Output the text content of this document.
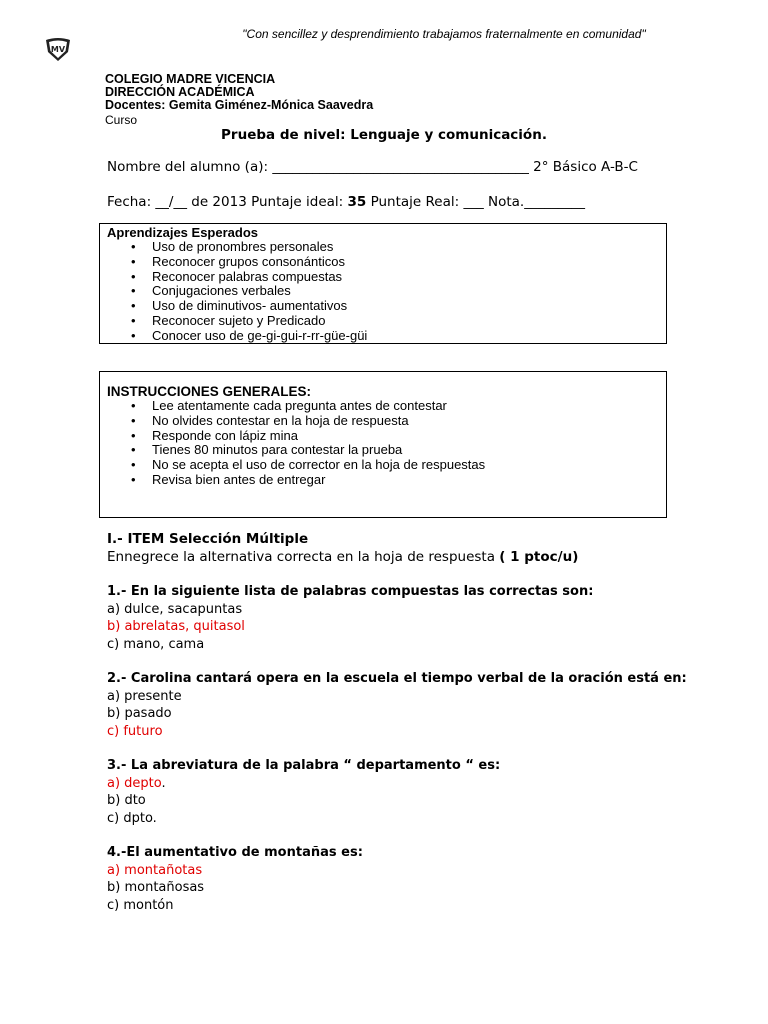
"Con sencillez y desprendimiento trabajamos fraternalmente en comunidad"
MV
COLEGIO MADRE VICENCIA
DIRECCIÓN ACADÉMICA
Docentes: Gemita Giménez-Mónica Saavedra
Curso
Prueba de nivel: Lenguaje y comunicación.
Nombre del alumno (a): ______________________________________ 2° Básico A-B-C
Fecha: __/__ de 2013 Puntaje ideal: 35 Puntaje Real: ___ Nota._________
Aprendizajes Esperados
• Uso de pronombres personales
• Reconocer grupos consonánticos
• Reconocer palabras compuestas
• Conjugaciones verbales
• Uso de diminutivos- aumentativos
• Reconocer sujeto y Predicado
• Conocer uso de ge-gi-gui-r-rr-güe-güi
INSTRUCCIONES GENERALES:
• Lee atentamente cada pregunta antes de contestar
• No olvides contestar en la hoja de respuesta
• Responde con lápiz mina
• Tienes 80 minutos para contestar la prueba
• No se acepta el uso de corrector en la hoja de respuestas
• Revisa bien antes de entregar
I.- ITEM Selección Múltiple
Ennegrece la alternativa correcta en la hoja de respuesta ( 1 ptoc/u)
1.- En la siguiente lista de palabras compuestas las correctas son:
a) dulce, sacapuntas
b) abrelatas, quitasol
c) mano, cama
2.- Carolina cantará opera en la escuela el tiempo verbal de la oración está en:
a) presente
b) pasado
c) futuro
3.- La abreviatura de la palabra “ departamento “ es:
a) depto.
b) dto
c) dpto.
4.-El aumentativo de montañas es:
a) montañotas
b) montañosas
c) montón
